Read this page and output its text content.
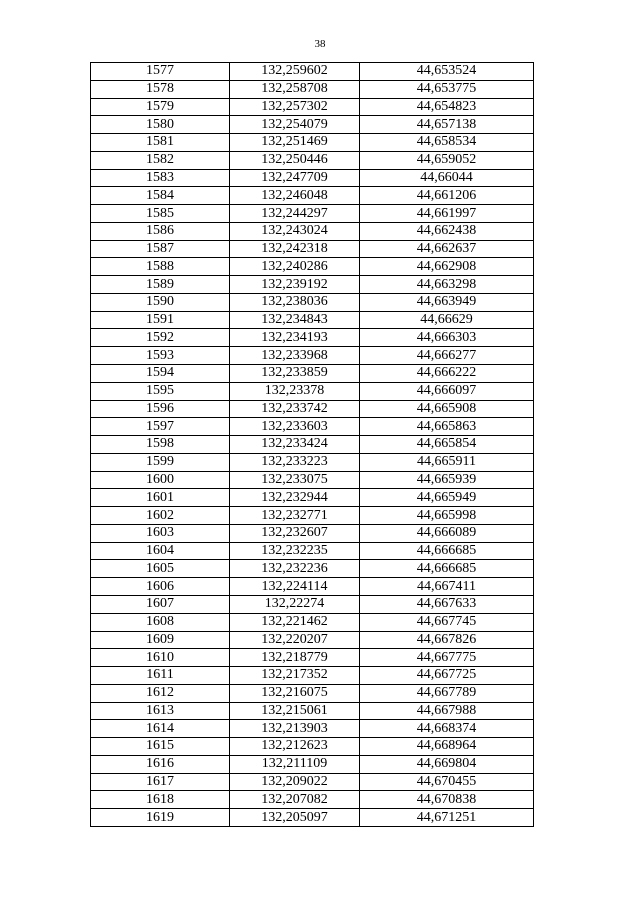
38
1577	132,259602	44,653524
1578	132,258708	44,653775
1579	132,257302	44,654823
1580	132,254079	44,657138
1581	132,251469	44,658534
1582	132,250446	44,659052
1583	132,247709	44,66044
1584	132,246048	44,661206
1585	132,244297	44,661997
1586	132,243024	44,662438
1587	132,242318	44,662637
1588	132,240286	44,662908
1589	132,239192	44,663298
1590	132,238036	44,663949
1591	132,234843	44,66629
1592	132,234193	44,666303
1593	132,233968	44,666277
1594	132,233859	44,666222
1595	132,23378	44,666097
1596	132,233742	44,665908
1597	132,233603	44,665863
1598	132,233424	44,665854
1599	132,233223	44,665911
1600	132,233075	44,665939
1601	132,232944	44,665949
1602	132,232771	44,665998
1603	132,232607	44,666089
1604	132,232235	44,666685
1605	132,232236	44,666685
1606	132,224114	44,667411
1607	132,22274	44,667633
1608	132,221462	44,667745
1609	132,220207	44,667826
1610	132,218779	44,667775
1611	132,217352	44,667725
1612	132,216075	44,667789
1613	132,215061	44,667988
1614	132,213903	44,668374
1615	132,212623	44,668964
1616	132,211109	44,669804
1617	132,209022	44,670455
1618	132,207082	44,670838
1619	132,205097	44,671251
